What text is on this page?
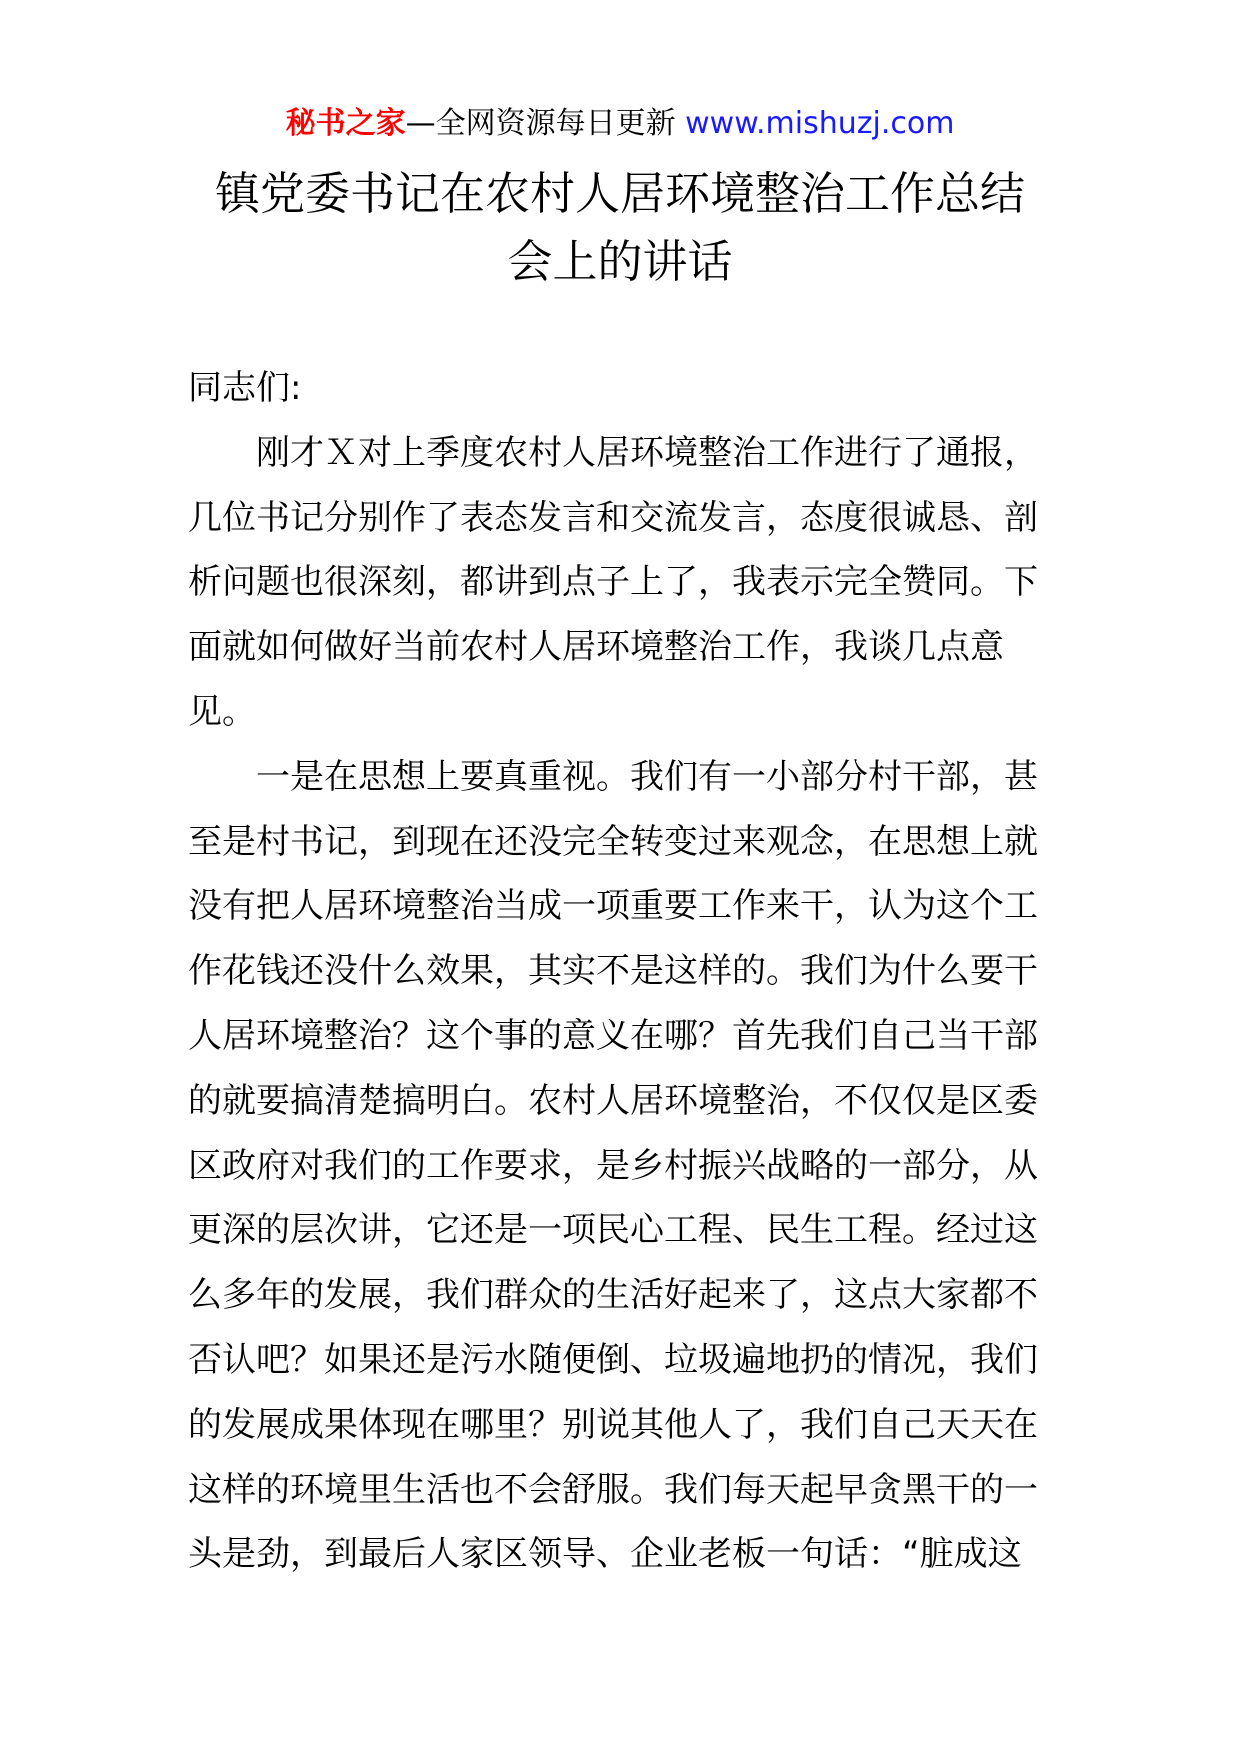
秘书之家—全网资源每日更新 www.mishuzj.com
镇党委书记在农村人居环境整治工作总结
会上的讲话
同志们:
刚才Ｘ对上季度农村人居环境整治工作进行了通报，
几位书记分别作了表态发言和交流发言，态度很诚恳、剖
析问题也很深刻，都讲到点子上了，我表示完全赞同。下
面就如何做好当前农村人居环境整治工作，我谈几点意
见。
一是在思想上要真重视。我们有一小部分村干部，甚
至是村书记，到现在还没完全转变过来观念，在思想上就
没有把人居环境整治当成一项重要工作来干，认为这个工
作花钱还没什么效果，其实不是这样的。我们为什么要干
人居环境整治？这个事的意义在哪？首先我们自己当干部
的就要搞清楚搞明白。农村人居环境整治，不仅仅是区委
区政府对我们的工作要求，是乡村振兴战略的一部分，从
更深的层次讲，它还是一项民心工程、民生工程。经过这
么多年的发展，我们群众的生活好起来了，这点大家都不
否认吧？如果还是污水随便倒、垃圾遍地扔的情况，我们
的发展成果体现在哪里？别说其他人了，我们自己天天在
这样的环境里生活也不会舒服。我们每天起早贪黑干的一
头是劲，到最后人家区领导、企业老板一句话：“脏成这
